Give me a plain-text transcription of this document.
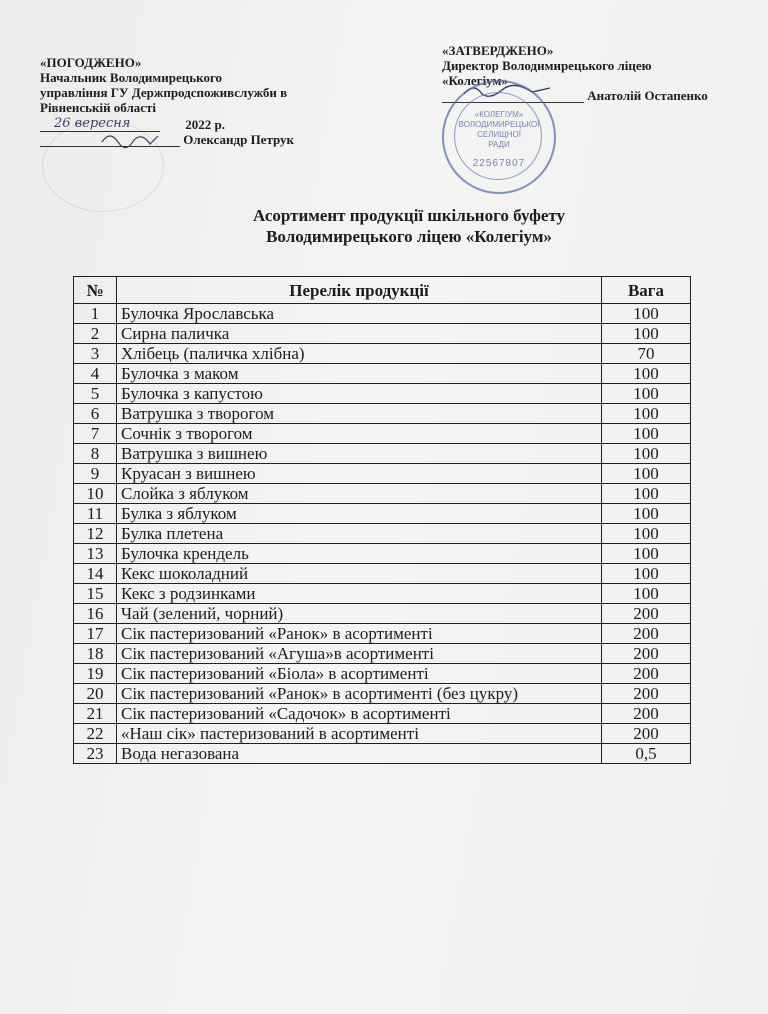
«ПОГОДЖЕНО»
Начальник Володимирецького
управління ГУ Держпродспоживслужби в
Рівненській області
26 вересня	2022 р.
Олександр Петрук
«ЗАТВЕРДЖЕНО»
Директор Володимирецького ліцею
«Колегіум»
Анатолій Остапенко
«КОЛЕГІУМ»
ВОЛОДИМИРЕЦЬКОЇ
СЕЛИЩНОЇ
РАДИ
22567807
Асортимент продукції шкільного буфету
Володимирецького ліцею «Колегіум»
№	Перелік продукції	Вага
1	Булочка Ярославська	100
2	Сирна паличка	100
3	Хлібець (паличка хлібна)	70
4	Булочка з маком	100
5	Булочка з капустою	100
6	Ватрушка з творогом	100
7	Сочнік з творогом	100
8	Ватрушка з вишнею	100
9	Круасан з вишнею	100
10	Слойка з яблуком	100
11	Булка з яблуком	100
12	Булка плетена	100
13	Булочка крендель	100
14	Кекс шоколадний	100
15	Кекс з родзинками	100
16	Чай (зелений, чорний)	200
17	Сік пастеризований «Ранок» в асортименті	200
18	Сік пастеризований «Агуша»в асортименті	200
19	Сік пастеризований «Біола» в асортименті	200
20	Сік пастеризований «Ранок» в асортименті (без цукру)	200
21	Сік пастеризований «Садочок» в асортименті	200
22	«Наш сік» пастеризований в асортименті	200
23	Вода негазована	0,5
